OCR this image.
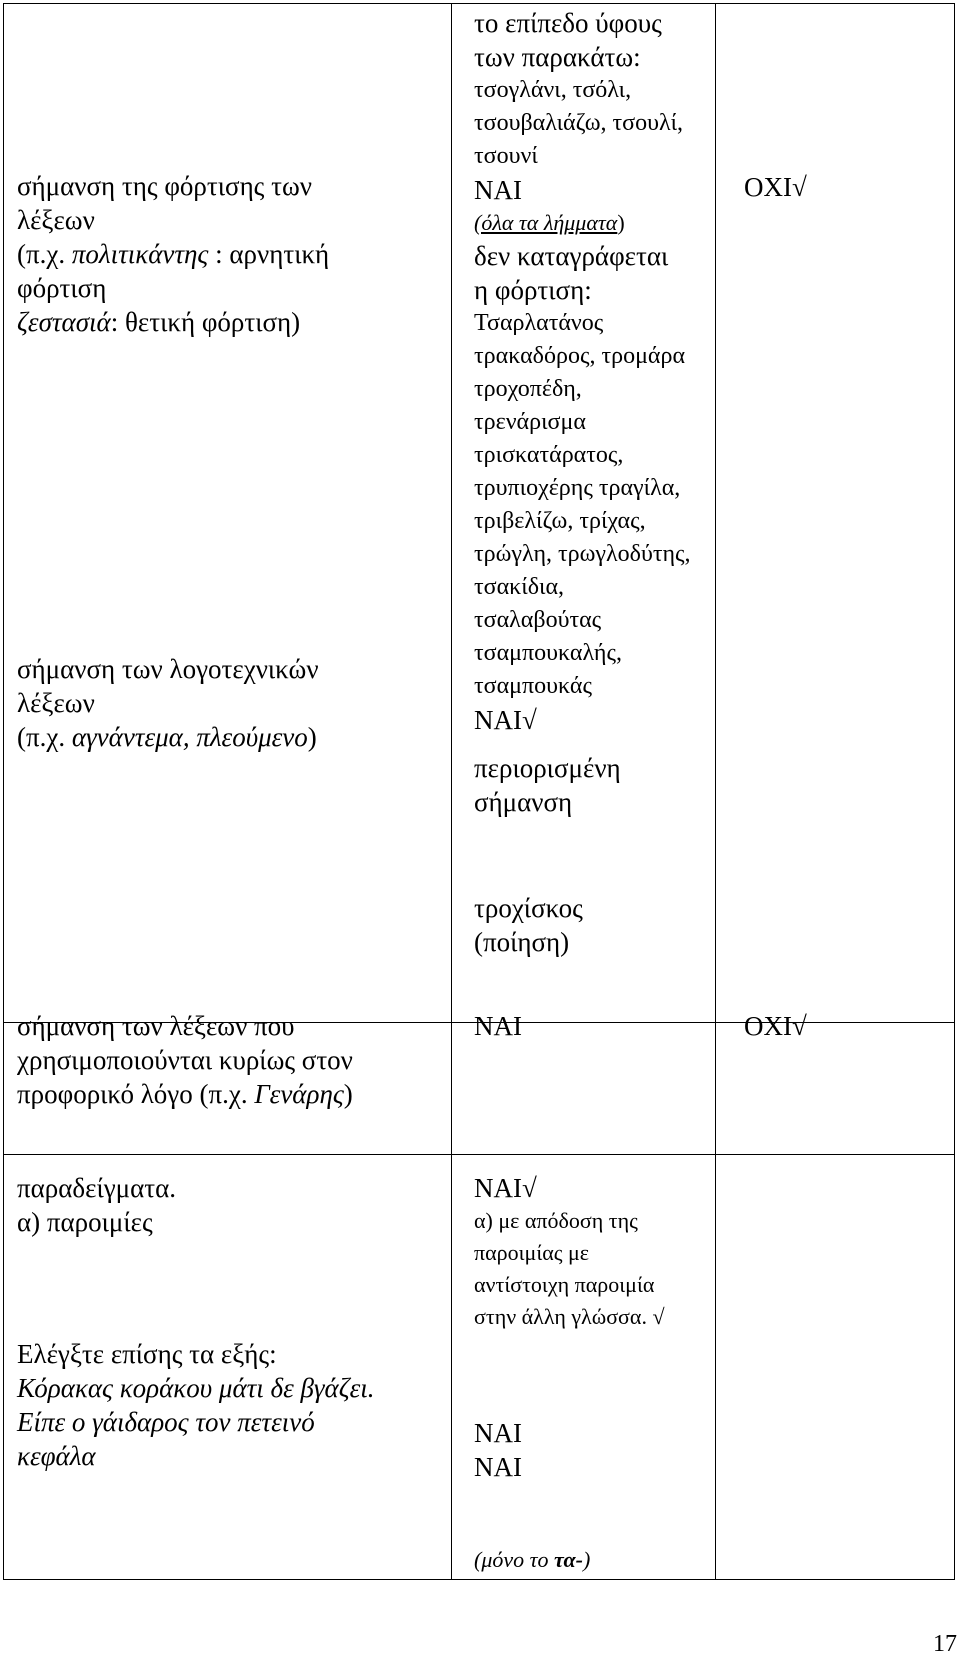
σήμανση της φόρτισης των

λέξεων

(π.χ. πολιτικάντης : αρνητική

φόρτιση

ζεστασιά: θετική φόρτιση)

σήμανση των λογοτεχνικών

λέξεων

(π.χ. αγνάντεμα, πλεούμενο)

το επίπεδο ύφους

των παρακάτω:

τσογλάνι, τσόλι,

τσουβαλιάζω, τσουλί,

τσουνί

ΝΑΙ

(όλα τα λήμματα)

δεν καταγράφεται

η φόρτιση:

Τσαρλατάνος

τρακαδόρος, τρομάρα

τροχοπέδη,

τρενάρισμα

τρισκατάρατος,

τρυπιοχέρης τραγίλα,

τριβελίζω, τρίχας,

τρώγλη, τρωγλοδύτης,

τσακίδια,

τσαλαβούτας

τσαμπουκαλής,

τσαμπουκάς

ΝΑΙ√

περιορισμένη

σήμανση

τροχίσκος

(ποίηση)

ΟΧΙ√

σήμανση των λέξεων που

χρησιμοποιούνται κυρίως στον

προφορικό λόγο (π.χ. Γενάρης)

ΝΑΙ	ΟΧΙ√

παραδείγματα.

α) παροιμίες

Ελέγξτε επίσης τα εξής:

Κόρακας κοράκου μάτι δε βγάζει.

Είπε ο γάιδαρος τον πετεινό

κεφάλα

ΝΑΙ√

α) με απόδοση της

παροιμίας με

αντίστοιχη παροιμία

στην άλλη γλώσσα. √

ΝΑΙ

ΝΑΙ

(μόνο το τα-)

17
